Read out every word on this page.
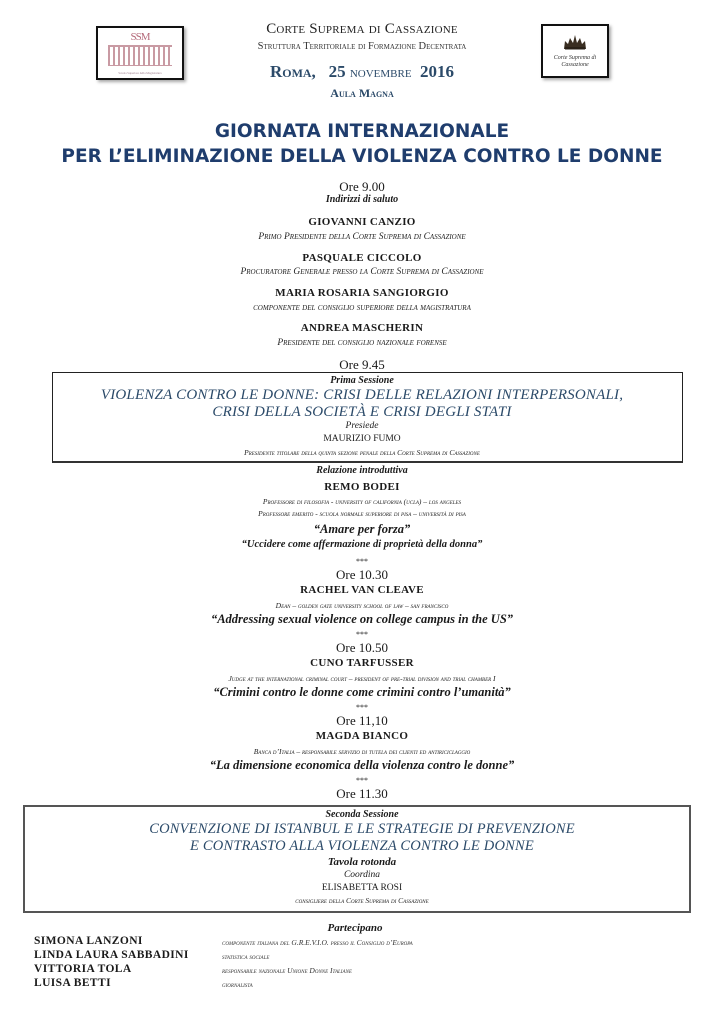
SSM
Scuola Superiore della Magistratura
Corte Suprema di
Cassazione
Corte Suprema di Cassazione
Struttura Territoriale di Formazione Decentrata
Roma, 25 novembre 2016
Aula Magna
GIORNATA INTERNAZIONALE
PER L’ELIMINAZIONE DELLA VIOLENZA CONTRO LE DONNE
Ore 9.00
Indirizzi di saluto
GIOVANNI CANZIO
Primo Presidente della Corte Suprema di Cassazione
PASQUALE CICCOLO
Procuratore Generale presso la Corte Suprema di Cassazione
MARIA ROSARIA SANGIORGIO
componente del consiglio superiore della magistratura
ANDREA MASCHERIN
Presidente del consiglio nazionale forense
Ore 9.45
Prima Sessione
VIOLENZA CONTRO LE DONNE: CRISI DELLE RELAZIONI INTERPERSONALI,
CRISI DELLA SOCIETÀ E CRISI DEGLI STATI
Presiede
MAURIZIO FUMO
Presidente titolare della quinta sezione penale della Corte Suprema di Cassazione
Relazione introduttiva
REMO BODEI
Professore di filosofia - university of california (ucla) – los angeles
Professore emerito - scuola normale superiore di pisa – università di pisa
“Amare per forza”
“Uccidere come affermazione di proprietà della donna”
***
Ore 10.30
RACHEL VAN CLEAVE
Dean – golden gate university school of law – san francisco
“Addressing sexual violence on college campus in the US”
***
Ore 10.50
CUNO TARFUSSER
Judge at the international criminal court – president of pre-trial division and trial chamber I
“Crimini contro le donne come crimini contro l’umanità”
***
Ore 11,10
MAGDA BIANCO
Banca d’Italia – responsabile servizio di tutela dei clienti ed antiriciclaggio
“La dimensione economica della violenza contro le donne”
***
Ore 11.30
Seconda Sessione
CONVENZIONE DI ISTANBUL E LE STRATEGIE DI PREVENZIONE
E CONTRASTO ALLA VIOLENZA CONTRO LE DONNE
Tavola rotonda
Coordina
ELISABETTA ROSI
consigliere della Corte Suprema di Cassazione
Partecipano
SIMONA LANZONI	componente italiana del G.R.E.V.I.O. presso il Consiglio d’Europa
LINDA LAURA SABBADINI	statistica sociale
VITTORIA TOLA	responsabile nazionale Unione Donne Italiane
LUISA BETTI	giornalista
